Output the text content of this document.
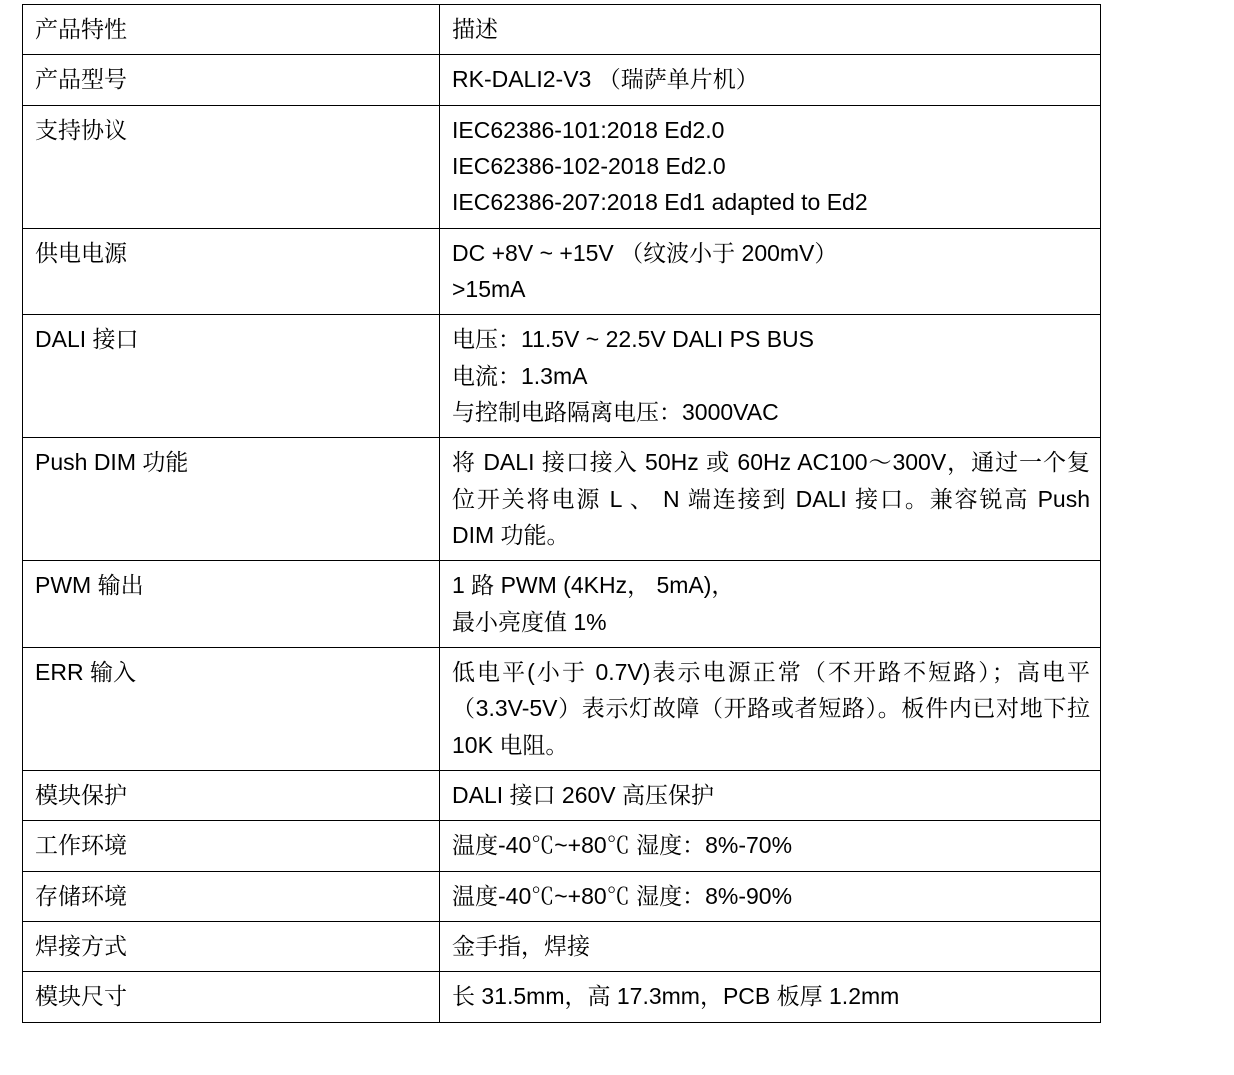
产品特性	描述

产品型号	RK-DALI2-V3 （瑞萨单片机）

支持协议	IEC62386-101:2018 Ed2.0
IEC62386-102-2018 Ed2.0
IEC62386-207:2018 Ed1 adapted to Ed2

供电电源	DC +8V ~ +15V （纹波小于 200mV）
>15mA

DALI 接口	电压：11.5V ~ 22.5V DALI PS BUS
电流：1.3mA
与控制电路隔离电压：3000VAC

Push DIM 功能	将 DALI 接口接入 50Hz 或 60Hz AC100～300V，通过一个复位开关将电源 L 、 N 端连接到 DALI 接口。兼容锐高 Push DIM 功能。

PWM 输出	1 路 PWM (4KHz， 5mA)，
最小亮度值 1%

ERR 输入	低电平(小于 0.7V)表示电源正常（不开路不短路）；高电平（3.3V-5V）表示灯故障（开路或者短路）。板件内已对地下拉 10K 电阻。

模块保护	DALI 接口 260V 高压保护

工作环境	温度-40℃~+80℃ 湿度：8%-70%

存储环境	温度-40℃~+80℃ 湿度：8%-90%

焊接方式	金手指，焊接

模块尺寸	长 31.5mm，高 17.3mm，PCB 板厚 1.2mm
